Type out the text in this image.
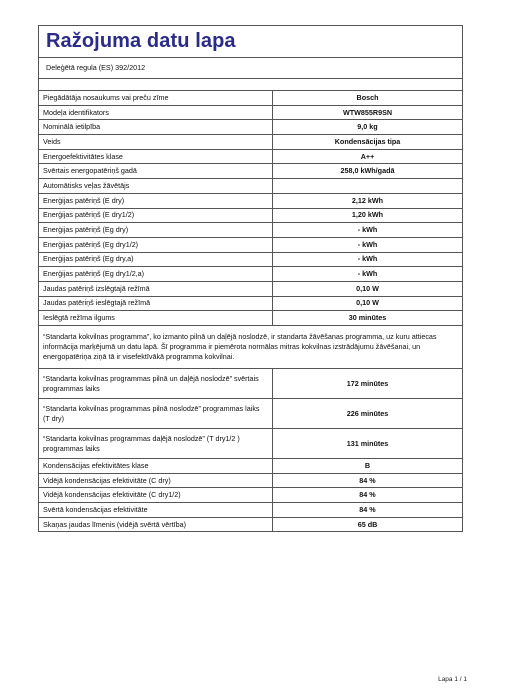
Ražojuma datu lapa
Deleģētā regula (ES) 392/2012
Piegādātāja nosaukums vai preču zīme	Bosch
Modeļa identifikators	WTW855R9SN
Nominālā ietilpība	9,0 kg
Veids	Kondensācijas tipa
Energoefektivitātes klase	A++
Svērtais energopatēriņš gadā	258,0 kWh/gadā
Automātisks veļas žāvētājs	
Enerģijas patēriņš (E dry)	2,12 kWh
Enerģijas patēriņš (E dry1/2)	1,20 kWh
Enerģijas patēriņš (Eg dry)	- kWh
Enerģijas patēriņš (Eg dry1/2)	- kWh
Enerģijas patēriņš (Eg dry,a)	- kWh
Enerģijas patēriņš (Eg dry1/2,a)	- kWh
Jaudas patēriņš izslēgtajā režīmā	0,10 W
Jaudas patēriņš ieslēgtajā režīmā	0,10 W
Ieslēgtā režīma ilgums	30 minūtes
“Standarta kokvilnas programma”, ko izmanto pilnā un daļējā noslodzē, ir standarta žāvēšanas programma, uz kuru attiecas informācija marķējumā un datu lapā. Šī programma ir piemērota normālas mitras kokvilnas izstrādājumu žāvēšanai, un energopatēriņa ziņā tā ir visefektīvākā programma kokvilnai.	
“Standarta kokvilnas programmas pilnā un daļējā noslodzē” svērtais programmas laiks	172 minūtes
“Standarta kokvilnas programmas pilnā noslodzē” programmas laiks (T dry)	226 minūtes
“Standarta kokvilnas programmas daļējā noslodzē” (T dry1/2 ) programmas laiks	131 minūtes
Kondensācijas efektivitātes klase	B
Vidējā kondensācijas efektivitāte (C dry)	84 %
Vidējā kondensācijas efektivitāte (C dry1/2)	84 %
Svērtā kondensācijas efektivitāte	84 %
Skaņas jaudas līmenis (vidējā svērtā vērtība)	65 dB
Lapa 1 / 1
